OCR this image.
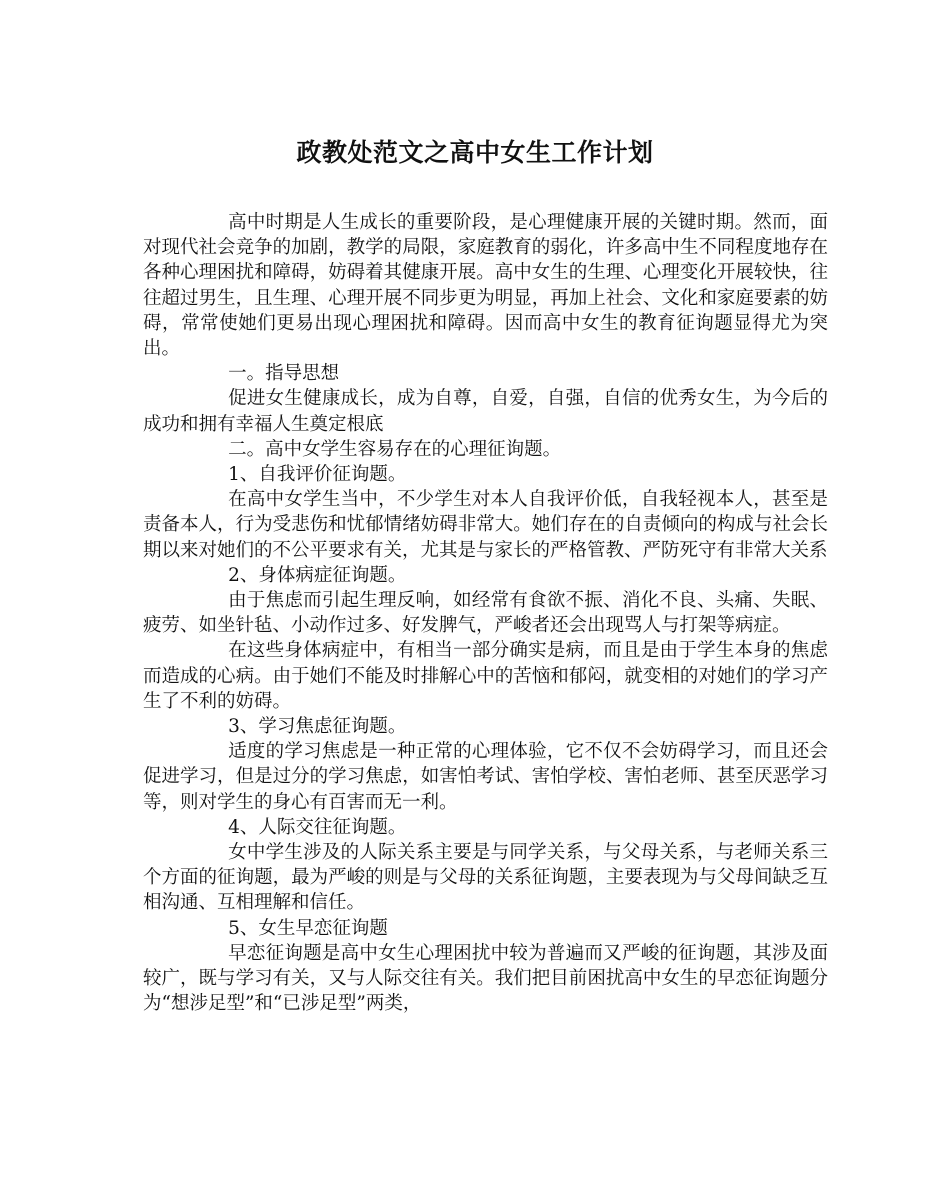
政教处范文之高中女生工作计划

高中时期是人生成长的重要阶段，是心理健康开展的关键时期。然而，面对现代社会竞争的加剧，教学的局限，家庭教育的弱化，许多高中生不同程度地存在各种心理困扰和障碍，妨碍着其健康开展。高中女生的生理、心理变化开展较快，往往超过男生，且生理、心理开展不同步更为明显，再加上社会、文化和家庭要素的妨碍，常常使她们更易出现心理困扰和障碍。因而高中女生的教育征询题显得尤为突出。

一。指导思想

促进女生健康成长，成为自尊，自爱，自强，自信的优秀女生，为今后的成功和拥有幸福人生奠定根底

二。高中女学生容易存在的心理征询题。

1、自我评价征询题。

在高中女学生当中，不少学生对本人自我评价低，自我轻视本人，甚至是责备本人，行为受悲伤和忧郁情绪妨碍非常大。她们存在的自责倾向的构成与社会长期以来对她们的不公平要求有关，尤其是与家长的严格管教、严防死守有非常大关系

2、身体病症征询题。

由于焦虑而引起生理反响，如经常有食欲不振、消化不良、头痛、失眠、疲劳、如坐针毡、小动作过多、好发脾气，严峻者还会出现骂人与打架等病症。

在这些身体病症中，有相当一部分确实是病，而且是由于学生本身的焦虑而造成的心病。由于她们不能及时排解心中的苦恼和郁闷，就变相的对她们的学习产生了不利的妨碍。

3、学习焦虑征询题。

适度的学习焦虑是一种正常的心理体验，它不仅不会妨碍学习，而且还会促进学习，但是过分的学习焦虑，如害怕考试、害怕学校、害怕老师、甚至厌恶学习等，则对学生的身心有百害而无一利。

4、人际交往征询题。

女中学生涉及的人际关系主要是与同学关系，与父母关系，与老师关系三个方面的征询题，最为严峻的则是与父母的关系征询题，主要表现为与父母间缺乏互相沟通、互相理解和信任。

5、女生早恋征询题

早恋征询题是高中女生心理困扰中较为普遍而又严峻的征询题，其涉及面较广，既与学习有关，又与人际交往有关。我们把目前困扰高中女生的早恋征询题分为“想涉足型”和“已涉足型”两类，
